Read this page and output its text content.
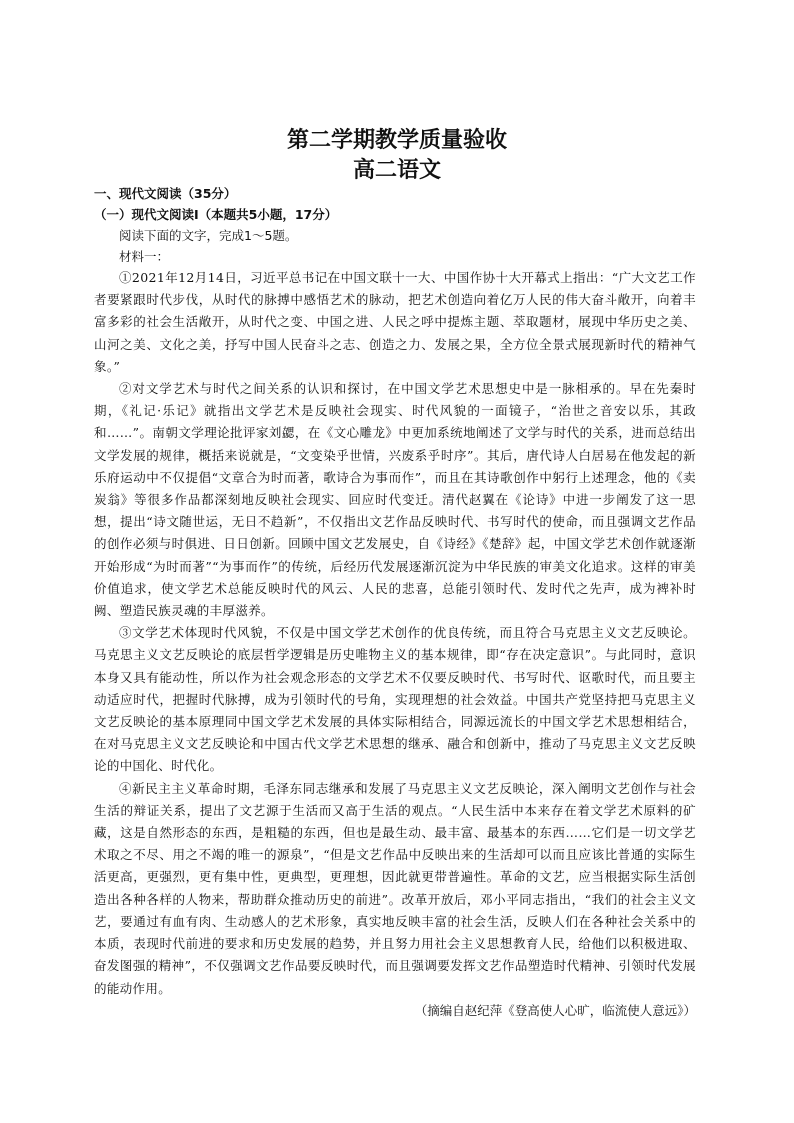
第二学期教学质量验收
高二语文

一、现代文阅读（35分）

（一）现代文阅读Ⅰ（本题共5小题，17分）

阅读下面的文字，完成1～5题。

材料一：

①2021年12月14日，习近平总书记在中国文联十一大、中国作协十大开幕式上指出：“广大文艺工作者要紧跟时代步伐，从时代的脉搏中感悟艺术的脉动，把艺术创造向着亿万人民的伟大奋斗敞开，向着丰富多彩的社会生活敞开，从时代之变、中国之进、人民之呼中提炼主题、萃取题材，展现中华历史之美、山河之美、文化之美，抒写中国人民奋斗之志、创造之力、发展之果，全方位全景式展现新时代的精神气象。”

②对文学艺术与时代之间关系的认识和探讨，在中国文学艺术思想史中是一脉相承的。早在先秦时期，《礼记·乐记》就指出文学艺术是反映社会现实、时代风貌的一面镜子，“治世之音安以乐，其政和……”。南朝文学理论批评家刘勰，在《文心雕龙》中更加系统地阐述了文学与时代的关系，进而总结出文学发展的规律，概括来说就是，“文变染乎世情，兴废系乎时序”。其后，唐代诗人白居易在他发起的新乐府运动中不仅提倡“文章合为时而著，歌诗合为事而作”，而且在其诗歌创作中躬行上述理念，他的《卖炭翁》等很多作品都深刻地反映社会现实、回应时代变迁。清代赵翼在《论诗》中进一步阐发了这一思想，提出“诗文随世运，无日不趋新”，不仅指出文艺作品反映时代、书写时代的使命，而且强调文艺作品的创作必须与时俱进、日日创新。回顾中国文艺发展史，自《诗经》《楚辞》起，中国文学艺术创作就逐渐开始形成“为时而著”“为事而作”的传统，后经历代发展逐渐沉淀为中华民族的审美文化追求。这样的审美价值追求，使文学艺术总能反映时代的风云、人民的悲喜，总能引领时代、发时代之先声，成为裨补时阙、塑造民族灵魂的丰厚滋养。

③文学艺术体现时代风貌，不仅是中国文学艺术创作的优良传统，而且符合马克思主义文艺反映论。马克思主义文艺反映论的底层哲学逻辑是历史唯物主义的基本规律，即“存在决定意识”。与此同时，意识本身又具有能动性，所以作为社会观念形态的文学艺术不仅要反映时代、书写时代、讴歌时代，而且要主动适应时代，把握时代脉搏，成为引领时代的号角，实现理想的社会效益。中国共产党坚持把马克思主义文艺反映论的基本原理同中国文学艺术发展的具体实际相结合，同源远流长的中国文学艺术思想相结合，在对马克思主义文艺反映论和中国古代文学艺术思想的继承、融合和创新中，推动了马克思主义文艺反映论的中国化、时代化。

④新民主主义革命时期，毛泽东同志继承和发展了马克思主义文艺反映论，深入阐明文艺创作与社会生活的辩证关系，提出了文艺源于生活而又高于生活的观点。“人民生活中本来存在着文学艺术原料的矿藏，这是自然形态的东西，是粗糙的东西，但也是最生动、最丰富、最基本的东西……它们是一切文学艺术取之不尽、用之不竭的唯一的源泉”，“但是文艺作品中反映出来的生活却可以而且应该比普通的实际生活更高，更强烈，更有集中性，更典型，更理想，因此就更带普遍性。革命的文艺，应当根据实际生活创造出各种各样的人物来，帮助群众推动历史的前进”。改革开放后，邓小平同志指出，“我们的社会主义文艺，要通过有血有肉、生动感人的艺术形象，真实地反映丰富的社会生活，反映人们在各种社会关系中的本质，表现时代前进的要求和历史发展的趋势，并且努力用社会主义思想教育人民，给他们以积极进取、奋发图强的精神”，不仅强调文艺作品要反映时代，而且强调要发挥文艺作品塑造时代精神、引领时代发展的能动作用。

（摘编自赵纪萍《登高使人心旷，临流使人意远》）
